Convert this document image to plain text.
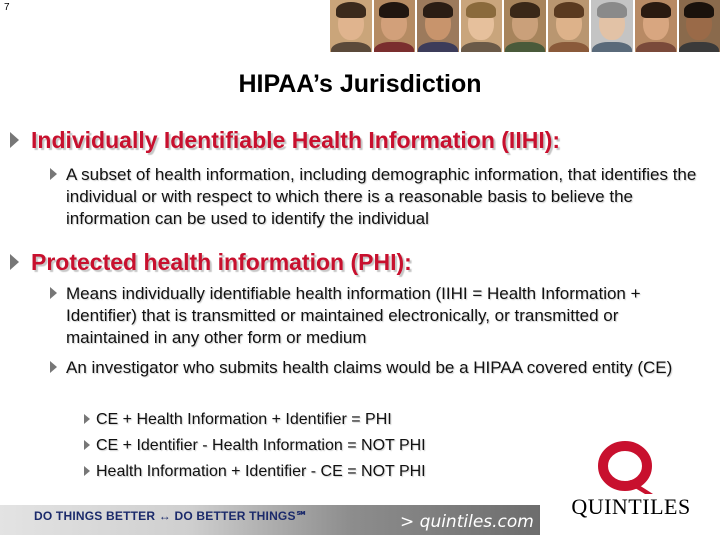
7
HIPAA’s Jurisdiction
Individually Identifiable Health Information (IIHI):
A subset of health information, including demographic information, that identifies the individual or with respect to which there is a reasonable basis to believe the information can be used to identify the individual
Protected health information (PHI):
Means individually identifiable health information (IIHI = Health Information + Identifier) that is transmitted or maintained electronically, or transmitted or maintained in any other form or medium
An investigator who submits health claims would be a HIPAA covered entity (CE)
CE + Health Information + Identifier = PHI
CE + Identifier - Health Information = NOT PHI
Health Information + Identifier - CE = NOT PHI
DO THINGS BETTER ↔ DO BETTER THINGS℠	> quintiles.com
QUINTILES
